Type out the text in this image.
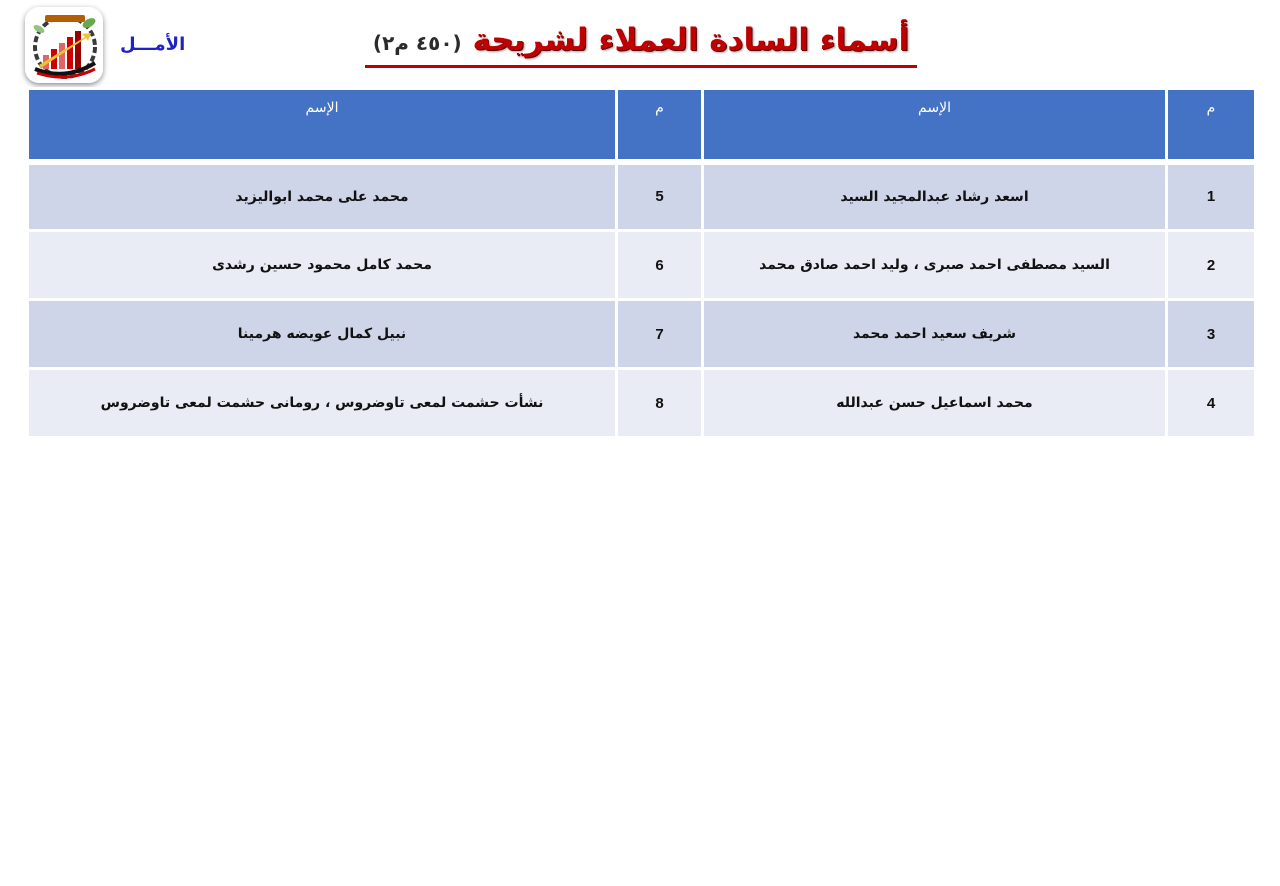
الأمـــل	أسماء السادة العملاء لشريحة (٤٥٠ م٢)
م	الإسم	م	الإسم
1	اسعد رشاد عبدالمجيد السيد	5	محمد على محمد ابواليزيد
2	السيد مصطفى احمد صبرى ، وليد احمد صادق محمد	6	محمد كامل محمود حسين رشدى
3	شريف سعيد احمد محمد	7	نبيل كمال عويضه هرمينا
4	محمد اسماعيل حسن عبدالله	8	نشأت حشمت لمعى تاوضروس ، رومانى حشمت لمعى تاوضروس
